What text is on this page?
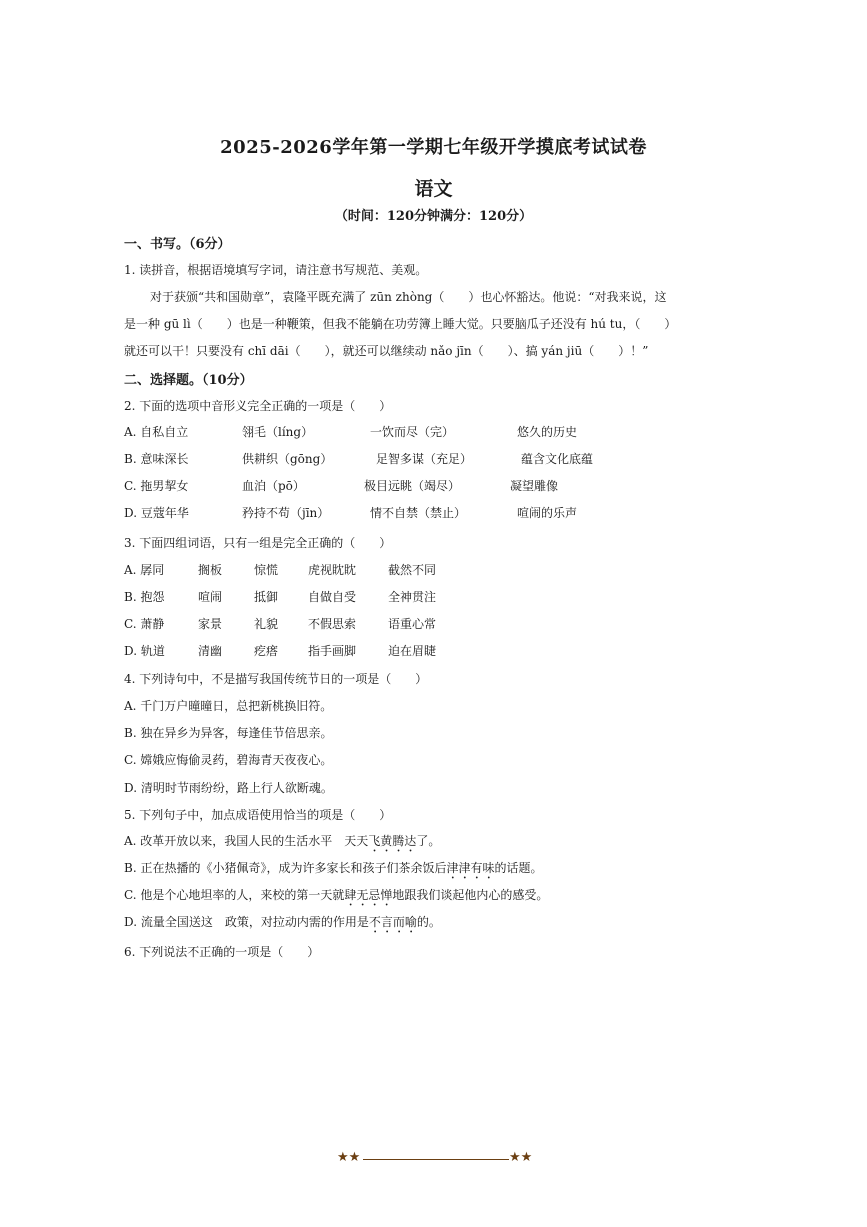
2025-2026学年第一学期七年级开学摸底考试试卷
语文
（时间：120分钟满分：120分）
一、书写。（6分）
1. 读拼音，根据语境填写字词，请注意书写规范、美观。
对于获颁“共和国勋章”，袁隆平既充满了 zūn zhòng（　　）也心怀豁达。他说：“对我来说，这
是一种 gū lì（　　）也是一种鞭策，但我不能躺在功劳簿上睡大觉。只要脑瓜子还没有 hú tu，（　　）
就还可以干！只要没有 chī dāi（　　），就还可以继续动 nǎo jīn（　　）、搞 yán jiū（　　）！”
二、选择题。（10分）
2. 下面的选项中音形义完全正确的一项是（　　）
A. 自私自立	翎毛（líng）	一饮而尽（完）	悠久的历史
B. 意味深长	供耕织（gōng）	足智多谋（充足）	蕴含文化底蕴
C. 拖男挈女	血泊（pō）	极目远眺（竭尽）	凝望雕像
D. 豆蔻年华	矜持不苟（jīn）	情不自禁（禁止）	喧闹的乐声
3. 下面四组词语，只有一组是完全正确的（　　）
A. 孱同	搁板	惊慌 虎视眈眈	截然不同
B. 抱怨	喧闹	抵御 自做自受	全神贯注
C. 萧静	家景	礼貌 不假思索	语重心常
D. 轨道	清幽	疙瘩 指手画脚	迫在眉睫
4. 下列诗句中，不是描写我国传统节日的一项是（　　）
A. 千门万户曈曈日，总把新桃换旧符。
B. 独在异乡为异客，每逢佳节倍思亲。
C. 嫦娥应悔偷灵药，碧海青天夜夜心。
D. 清明时节雨纷纷，路上行人欲断魂。
5. 下列句子中，加点成语使用恰当的项是（　　）
A. 改革开放以来，我国人民的生活水平　天天飞黄腾达了。
B. 正在热播的《小猪佩奇》，成为许多家长和孩子们茶余饭后津津有味的话题。
C. 他是个心地坦率的人，来校的第一天就肆无忌惮地跟我们谈起他内心的感受。
D. 流量全国送这　政策，对拉动内需的作用是不言而喻的。
6. 下列说法不正确的一项是（　　）
★★	★★
